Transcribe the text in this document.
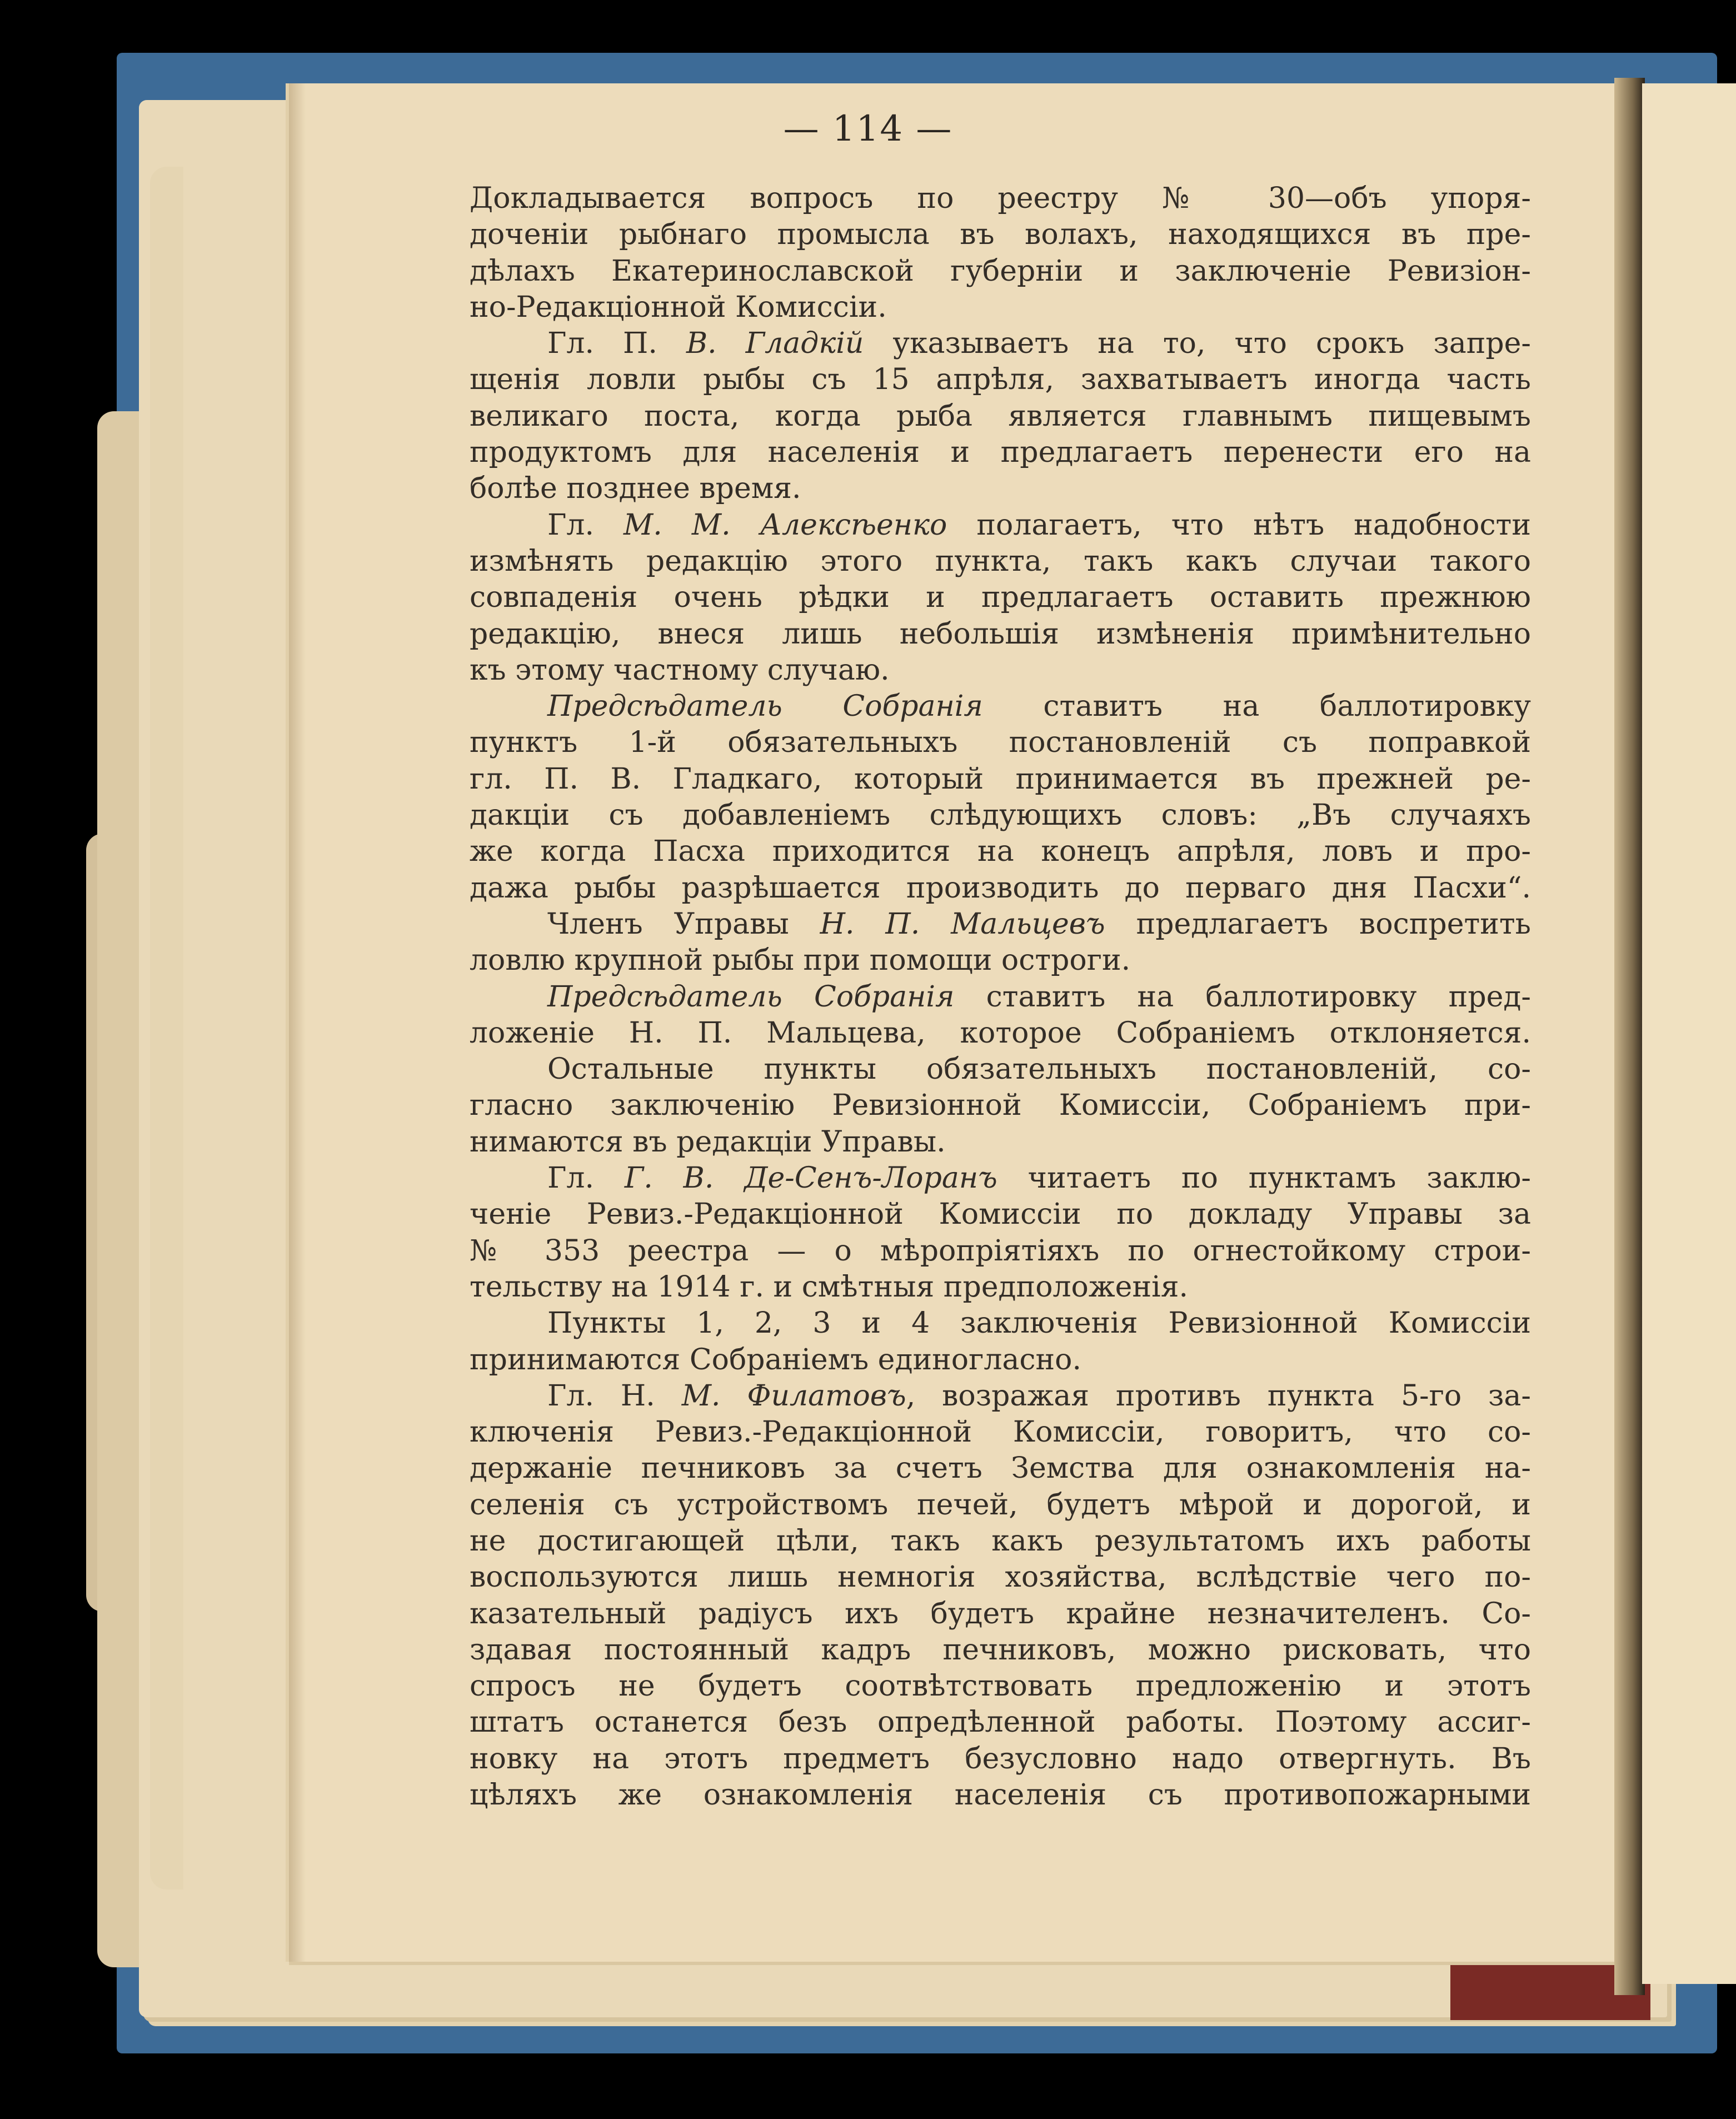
— 114 —
Докладывается вопросъ по реестру № 30—объ упоря-
доченіи рыбнаго промысла въ волахъ, находящихся въ пре-
дѣлахъ Екатеринославской губерніи и заключеніе Ревизіон-
но-Редакціонной Комиссіи.
Гл. П. В. Гладкій указываетъ на то, что срокъ запре-
щенія ловли рыбы съ 15 апрѣля, захватываетъ иногда часть
великаго поста, когда рыба является главнымъ пищевымъ
продуктомъ для населенія и предлагаетъ перенести его на
болѣе позднее время.
Гл. М. М. Алексѣенко полагаетъ, что нѣтъ надобности
измѣнять редакцію этого пункта, такъ какъ случаи такого
совпаденія очень рѣдки и предлагаетъ оставить прежнюю
редакцію, внеся лишь небольшія измѣненія примѣнительно
къ этому частному случаю.
Предсѣдатель Собранія ставитъ на баллотировку
пунктъ 1-й обязательныхъ постановленій съ поправкой
гл. П. В. Гладкаго, который принимается въ прежней ре-
дакціи съ добавленіемъ слѣдующихъ словъ: „Въ случаяхъ
же когда Пасха приходится на конецъ апрѣля, ловъ и про-
дажа рыбы разрѣшается производить до перваго дня Пасхи“.
Членъ Управы Н. П. Мальцевъ предлагаетъ воспретить
ловлю крупной рыбы при помощи остроги.
Предсѣдатель Собранія ставитъ на баллотировку пред-
ложеніе Н. П. Мальцева, которое Собраніемъ отклоняется.
Остальные пункты обязательныхъ постановленій, со-
гласно заключенію Ревизіонной Комиссіи, Собраніемъ при-
нимаются въ редакціи Управы.
Гл. Г. В. Де-Сенъ-Лоранъ читаетъ по пунктамъ заклю-
ченіе Ревиз.-Редакціонной Комиссіи по докладу Управы за
№ 353 реестра — о мѣропріятіяхъ по огнестойкому строи-
тельству на 1914 г. и смѣтныя предположенія.
Пункты 1, 2, 3 и 4 заключенія Ревизіонной Комиссіи
принимаются Собраніемъ единогласно.
Гл. Н. М. Филатовъ, возражая противъ пункта 5-го за-
ключенія Ревиз.-Редакціонной Комиссіи, говоритъ, что со-
держаніе печниковъ за счетъ Земства для ознакомленія на-
селенія съ устройствомъ печей, будетъ мѣрой и дорогой, и
не достигающей цѣли, такъ какъ результатомъ ихъ работы
воспользуются лишь немногія хозяйства, вслѣдствіе чего по-
казательный радіусъ ихъ будетъ крайне незначителенъ. Со-
здавая постоянный кадръ печниковъ, можно рисковать, что
спросъ не будетъ соотвѣтствовать предложенію и этотъ
штатъ останется безъ опредѣленной работы. Поэтому ассиг-
новку на этотъ предметъ безусловно надо отвергнуть. Въ
цѣляхъ же ознакомленія населенія съ противопожарными
